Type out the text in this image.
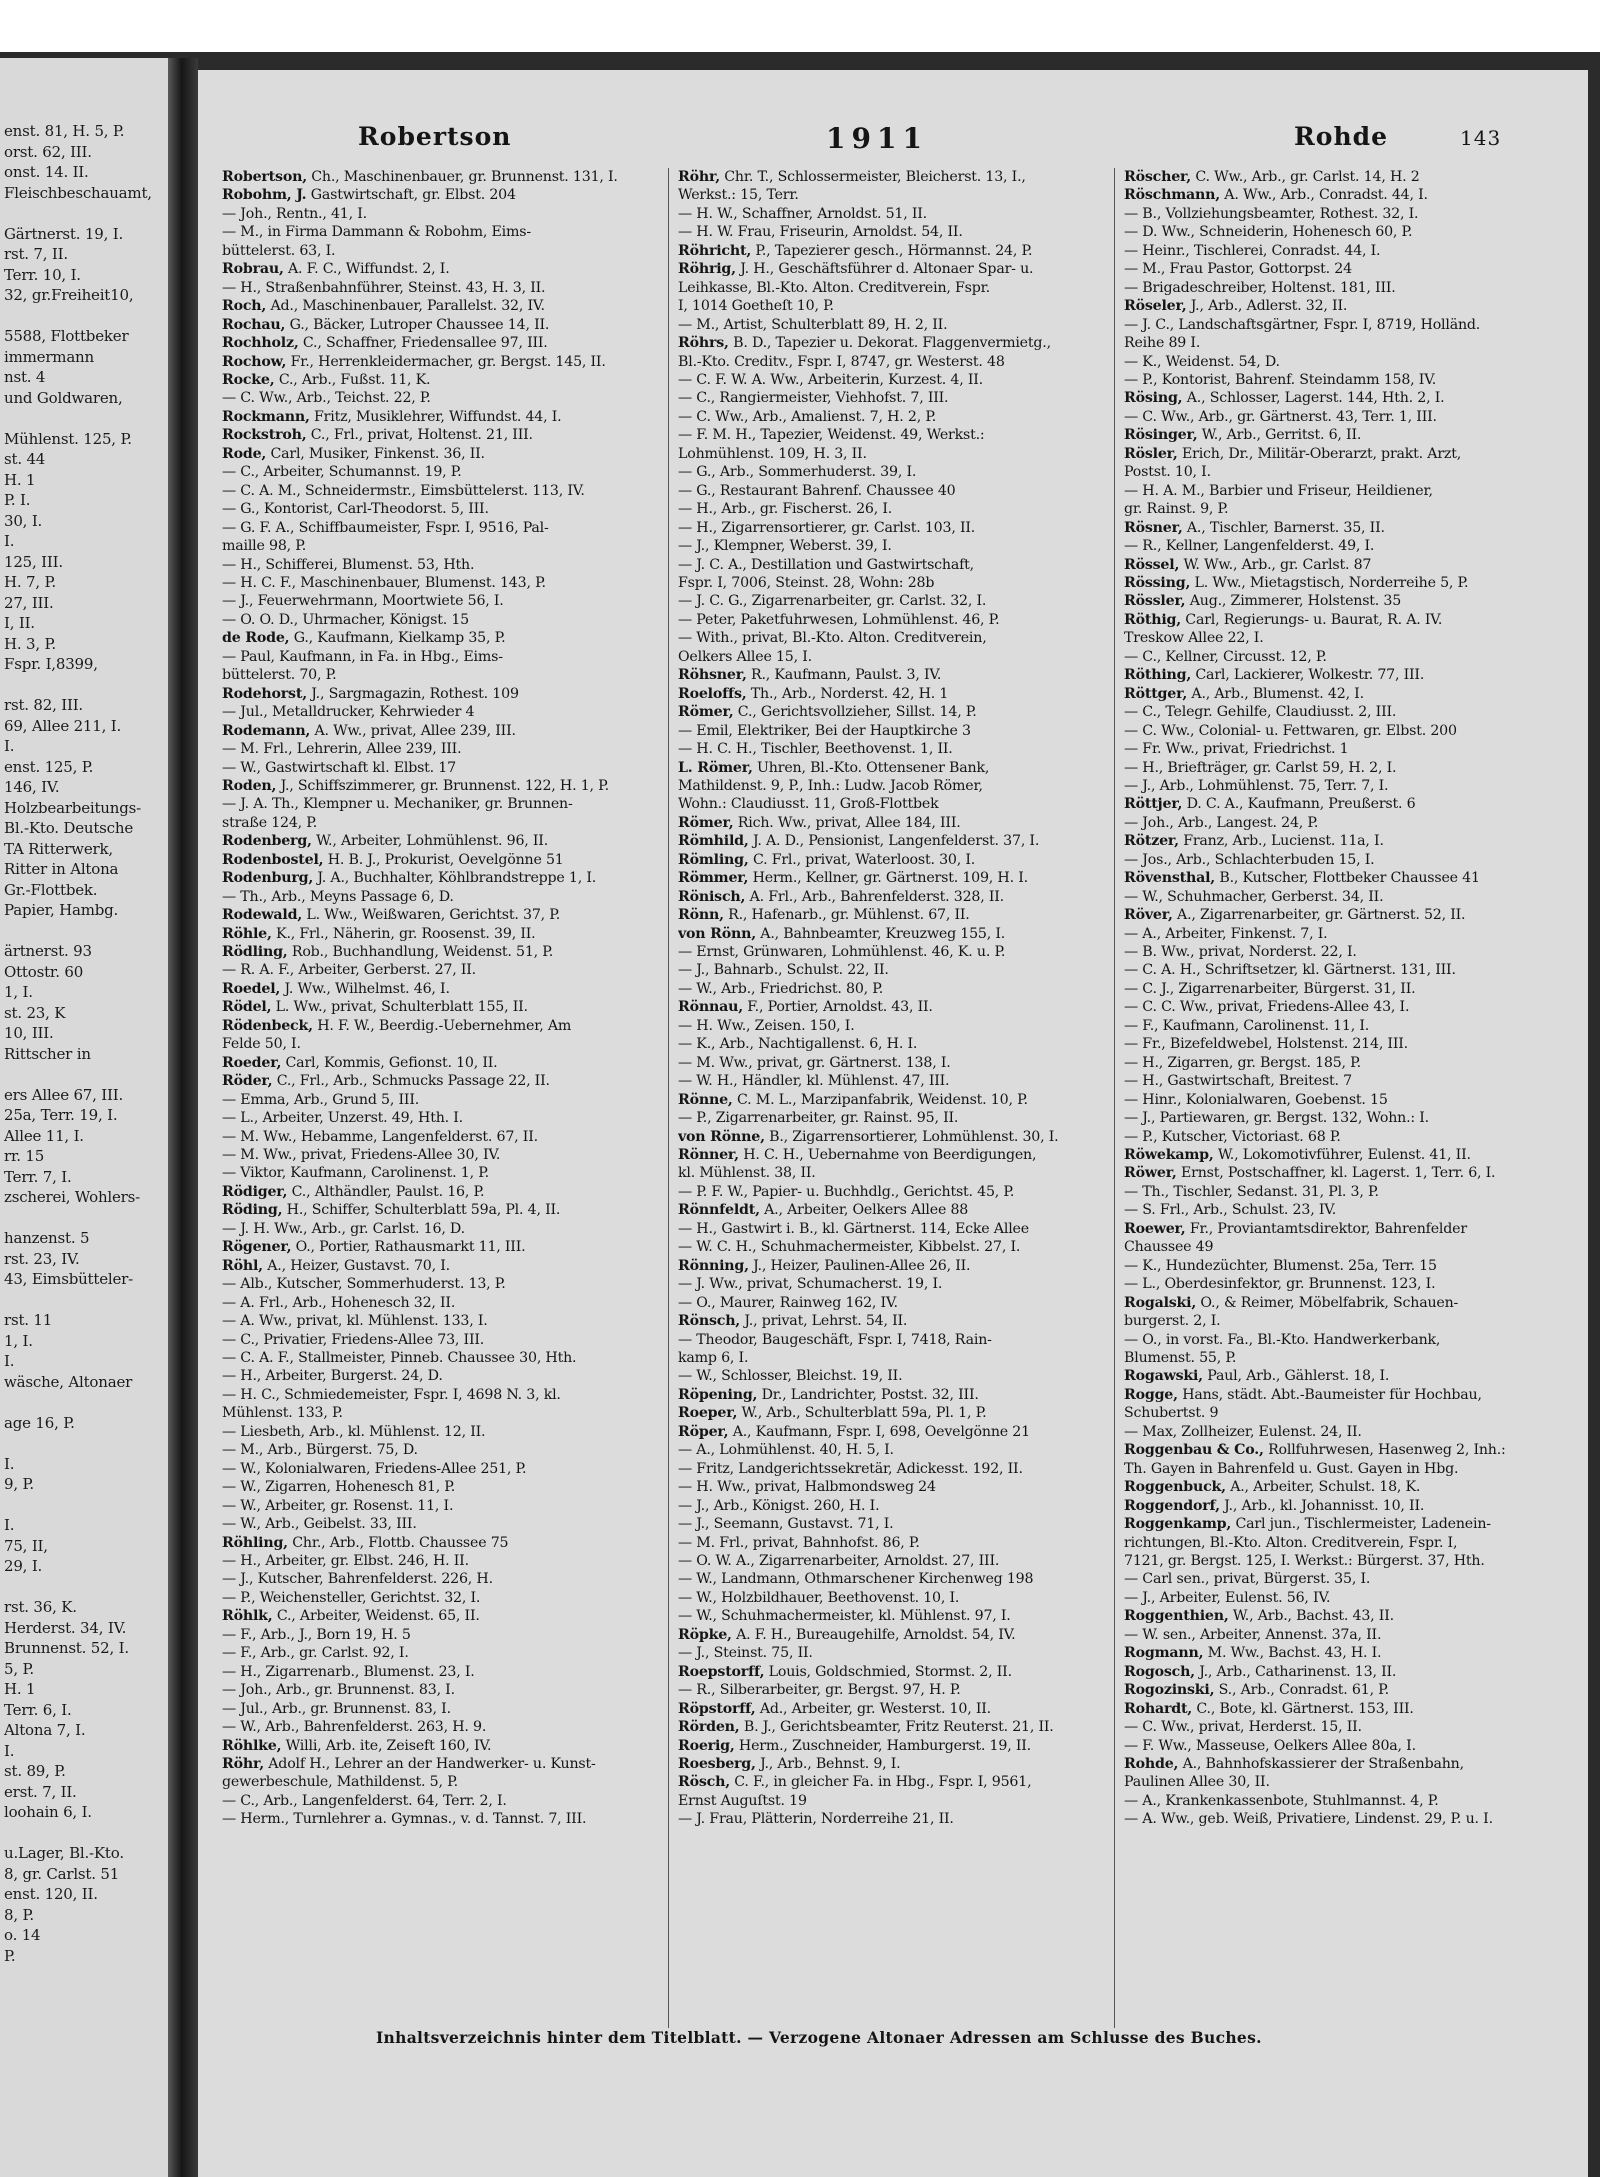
enst. 81, H. 5, P.
orst. 62, III.
onst. 14. II.
Fleischbeschauamt,
Gärtnerst. 19, I.
rst. 7, II.
Terr. 10, I.
32, gr.Freiheit10,
5588, Flottbeker
immermann
nst. 4
und Goldwaren,
Mühlenst. 125, P.
st. 44
H. 1
P. I.
30, I.
I.
125, III.
H. 7, P.
27, III.
I, II.
H. 3, P.
Fspr. I,8399,
rst. 82, III.
69, Allee 211, I.
I.
enst. 125, P.
146, IV.
Holzbearbeitungs-
Bl.-Kto. Deutsche
TA Ritterwerk,
Ritter in Altona
Gr.-Flottbek.
Papier, Hambg.
ärtnerst. 93
Ottostr. 60
1, I.
st. 23, K
10, III.
Rittscher in
ers Allee 67, III.
25a, Terr. 19, I.
Allee 11, I.
rr. 15
Terr. 7, I.
zscherei, Wohlers-
hanzenst. 5
rst. 23, IV.
43, Eimsbütteler-
rst. 11
1, I.
I.
wäsche, Altonaer
age 16, P.
I.
9, P.
I.
75, II,
29, I.
rst. 36, K.
Herderst. 34, IV.
Brunnenst. 52, I.
5, P.
H. 1
Terr. 6, I.
Altona 7, I.
I.
st. 89, P.
erst. 7, II.
loohain 6, I.
u.Lager, Bl.-Kto.
8, gr. Carlst. 51
enst. 120, II.
8, P.
o. 14
P.
Robertson	1911	Rohde	143
Robertson, Ch., Maschinenbauer, gr. Brunnenst. 131, I.
Robohm, J. Gastwirtschaft, gr. Elbst. 204
— Joh., Rentn., 41, I.
— M., in Firma Dammann & Robohm, Eims-
büttelerst. 63, I.
Robrau, A. F. C., Wiffundst. 2, I.
— H., Straßenbahnführer, Steinst. 43, H. 3, II.
Roch, Ad., Maschinenbauer, Parallelst. 32, IV.
Rochau, G., Bäcker, Lutroper Chaussee 14, II.
Rochholz, C., Schaffner, Friedensallee 97, III.
Rochow, Fr., Herrenkleidermacher, gr. Bergst. 145, II.
Rocke, C., Arb., Fußst. 11, K.
— C. Ww., Arb., Teichst. 22, P.
Rockmann, Fritz, Musiklehrer, Wiffundst. 44, I.
Rockstroh, C., Frl., privat, Holtenst. 21, III.
Rode, Carl, Musiker, Finkenst. 36, II.
— C., Arbeiter, Schumannst. 19, P.
— C. A. M., Schneidermstr., Eimsbüttelerst. 113, IV.
— G., Kontorist, Carl-Theodorst. 5, III.
— G. F. A., Schiffbaumeister, Fspr. I, 9516, Pal-
maille 98, P.
— H., Schifferei, Blumenst. 53, Hth.
— H. C. F., Maschinenbauer, Blumenst. 143, P.
— J., Feuerwehrmann, Moortwiete 56, I.
— O. O. D., Uhrmacher, Königst. 15
de Rode, G., Kaufmann, Kielkamp 35, P.
— Paul, Kaufmann, in Fa. in Hbg., Eims-
büttelerst. 70, P.
Rodehorst, J., Sargmagazin, Rothest. 109
— Jul., Metalldrucker, Kehrwieder 4
Rodemann, A. Ww., privat, Allee 239, III.
— M. Frl., Lehrerin, Allee 239, III.
— W., Gastwirtschaft kl. Elbst. 17
Roden, J., Schiffszimmerer, gr. Brunnenst. 122, H. 1, P.
— J. A. Th., Klempner u. Mechaniker, gr. Brunnen-
straße 124, P.
Rodenberg, W., Arbeiter, Lohmühlenst. 96, II.
Rodenbostel, H. B. J., Prokurist, Oevelgönne 51
Rodenburg, J. A., Buchhalter, Köhlbrandstreppe 1, I.
— Th., Arb., Meyns Passage 6, D.
Rodewald, L. Ww., Weißwaren, Gerichtst. 37, P.
Röhle, K., Frl., Näherin, gr. Roosenst. 39, II.
Rödling, Rob., Buchhandlung, Weidenst. 51, P.
— R. A. F., Arbeiter, Gerberst. 27, II.
Roedel, J. Ww., Wilhelmst. 46, I.
Rödel, L. Ww., privat, Schulterblatt 155, II.
Rödenbeck, H. F. W., Beerdig.-Uebernehmer, Am
Felde 50, I.
Roeder, Carl, Kommis, Gefionst. 10, II.
Röder, C., Frl., Arb., Schmucks Passage 22, II.
— Emma, Arb., Grund 5, III.
— L., Arbeiter, Unzerst. 49, Hth. I.
— M. Ww., Hebamme, Langenfelderst. 67, II.
— M. Ww., privat, Friedens-Allee 30, IV.
— Viktor, Kaufmann, Carolinenst. 1, P.
Rödiger, C., Althändler, Paulst. 16, P.
Röding, H., Schiffer, Schulterblatt 59a, Pl. 4, II.
— J. H. Ww., Arb., gr. Carlst. 16, D.
Rögener, O., Portier, Rathausmarkt 11, III.
Röhl, A., Heizer, Gustavst. 70, I.
— Alb., Kutscher, Sommerhuderst. 13, P.
— A. Frl., Arb., Hohenesch 32, II.
— A. Ww., privat, kl. Mühlenst. 133, I.
— C., Privatier, Friedens-Allee 73, III.
— C. A. F., Stallmeister, Pinneb. Chaussee 30, Hth.
— H., Arbeiter, Burgerst. 24, D.
— H. C., Schmiedemeister, Fspr. I, 4698 N. 3, kl.
Mühlenst. 133, P.
— Liesbeth, Arb., kl. Mühlenst. 12, II.
— M., Arb., Bürgerst. 75, D.
— W., Kolonialwaren, Friedens-Allee 251, P.
— W., Zigarren, Hohenesch 81, P.
— W., Arbeiter, gr. Rosenst. 11, I.
— W., Arb., Geibelst. 33, III.
Röhling, Chr., Arb., Flottb. Chaussee 75
— H., Arbeiter, gr. Elbst. 246, H. II.
— J., Kutscher, Bahrenfelderst. 226, H.
— P., Weichensteller, Gerichtst. 32, I.
Röhlk, C., Arbeiter, Weidenst. 65, II.
— F., Arb., J., Born 19, H. 5
— F., Arb., gr. Carlst. 92, I.
— H., Zigarrenarb., Blumenst. 23, I.
— Joh., Arb., gr. Brunnenst. 83, I.
— Jul., Arb., gr. Brunnenst. 83, I.
— W., Arb., Bahrenfelderst. 263, H. 9.
Röhlke, Willi, Arb. ite, Zeiseft 160, IV.
Röhr, Adolf H., Lehrer an der Handwerker- u. Kunst-
gewerbeschule, Mathildenst. 5, P.
— C., Arb., Langenfelderst. 64, Terr. 2, I.
— Herm., Turnlehrer a. Gymnas., v. d. Tannst. 7, III.
Röhr, Chr. T., Schlossermeister, Bleicherst. 13, I.,
Werkst.: 15, Terr.
— H. W., Schaffner, Arnoldst. 51, II.
— H. W. Frau, Friseurin, Arnoldst. 54, II.
Röhricht, P., Tapezierer gesch., Hörmannst. 24, P.
Röhrig, J. H., Geschäftsführer d. Altonaer Spar- u.
Leihkasse, Bl.-Kto. Alton. Creditverein, Fspr.
I, 1014 Goetheſt 10, P.
— M., Artist, Schulterblatt 89, H. 2, II.
Röhrs, B. D., Tapezier u. Dekorat. Flaggenvermietg.,
Bl.-Kto. Creditv., Fspr. I, 8747, gr. Westerst. 48
— C. F. W. A. Ww., Arbeiterin, Kurzest. 4, II.
— C., Rangiermeister, Viehhofst. 7, III.
— C. Ww., Arb., Amalienst. 7, H. 2, P.
— F. M. H., Tapezier, Weidenst. 49, Werkst.:
Lohmühlenst. 109, H. 3, II.
— G., Arb., Sommerhuderst. 39, I.
— G., Restaurant Bahrenf. Chaussee 40
— H., Arb., gr. Fischerst. 26, I.
— H., Zigarrensortierer, gr. Carlst. 103, II.
— J., Klempner, Weberst. 39, I.
— J. C. A., Destillation und Gastwirtschaft,
Fspr. I, 7006, Steinst. 28, Wohn: 28b
— J. C. G., Zigarrenarbeiter, gr. Carlst. 32, I.
— Peter, Paketfuhrwesen, Lohmühlenst. 46, P.
— With., privat, Bl.-Kto. Alton. Creditverein,
Oelkers Allee 15, I.
Röhsner, R., Kaufmann, Paulst. 3, IV.
Roeloffs, Th., Arb., Norderst. 42, H. 1
Römer, C., Gerichtsvollzieher, Sillst. 14, P.
— Emil, Elektriker, Bei der Hauptkirche 3
— H. C. H., Tischler, Beethovenst. 1, II.
L. Römer, Uhren, Bl.-Kto. Ottensener Bank,
Mathildenst. 9, P., Inh.: Ludw. Jacob Römer,
Wohn.: Claudiusst. 11, Groß-Flottbek
Römer, Rich. Ww., privat, Allee 184, III.
Römhild, J. A. D., Pensionist, Langenfelderst. 37, I.
Römling, C. Frl., privat, Waterloost. 30, I.
Römmer, Herm., Kellner, gr. Gärtnerst. 109, H. I.
Rönisch, A. Frl., Arb., Bahrenfelderst. 328, II.
Rönn, R., Hafenarb., gr. Mühlenst. 67, II.
von Rönn, A., Bahnbeamter, Kreuzweg 155, I.
— Ernst, Grünwaren, Lohmühlenst. 46, K. u. P.
— J., Bahnarb., Schulst. 22, II.
— W., Arb., Friedrichst. 80, P.
Rönnau, F., Portier, Arnoldst. 43, II.
— H. Ww., Zeisen. 150, I.
— K., Arb., Nachtigallenst. 6, H. I.
— M. Ww., privat, gr. Gärtnerst. 138, I.
— W. H., Händler, kl. Mühlenst. 47, III.
Rönne, C. M. L., Marzipanfabrik, Weidenst. 10, P.
— P., Zigarrenarbeiter, gr. Rainst. 95, II.
von Rönne, B., Zigarrensortierer, Lohmühlenst. 30, I.
Rönner, H. C. H., Uebernahme von Beerdigungen,
kl. Mühlenst. 38, II.
— P. F. W., Papier- u. Buchhdlg., Gerichtst. 45, P.
Rönnfeldt, A., Arbeiter, Oelkers Allee 88
— H., Gastwirt i. B., kl. Gärtnerst. 114, Ecke Allee
— W. C. H., Schuhmachermeister, Kibbelst. 27, I.
Rönning, J., Heizer, Paulinen-Allee 26, II.
— J. Ww., privat, Schumacherst. 19, I.
— O., Maurer, Rainweg 162, IV.
Rönsch, J., privat, Lehrst. 54, II.
— Theodor, Baugeschäft, Fspr. I, 7418, Rain-
kamp 6, I.
— W., Schlosser, Bleichst. 19, II.
Röpening, Dr., Landrichter, Postst. 32, III.
Roeper, W., Arb., Schulterblatt 59a, Pl. 1, P.
Röper, A., Kaufmann, Fspr. I, 698, Oevelgönne 21
— A., Lohmühlenst. 40, H. 5, I.
— Fritz, Landgerichtssekretär, Adickesst. 192, II.
— H. Ww., privat, Halbmondsweg 24
— J., Arb., Königst. 260, H. I.
— J., Seemann, Gustavst. 71, I.
— M. Frl., privat, Bahnhofst. 86, P.
— O. W. A., Zigarrenarbeiter, Arnoldst. 27, III.
— W., Landmann, Othmarschener Kirchenweg 198
— W., Holzbildhauer, Beethovenst. 10, I.
— W., Schuhmachermeister, kl. Mühlenst. 97, I.
Röpke, A. F. H., Bureaugehilfe, Arnoldst. 54, IV.
— J., Steinst. 75, II.
Roepstorff, Louis, Goldschmied, Stormst. 2, II.
— R., Silberarbeiter, gr. Bergst. 97, H. P.
Röpstorff, Ad., Arbeiter, gr. Westerst. 10, II.
Rörden, B. J., Gerichtsbeamter, Fritz Reuterst. 21, II.
Roerig, Herm., Zuschneider, Hamburgerst. 19, II.
Roesberg, J., Arb., Behnst. 9, I.
Rösch, C. F., in gleicher Fa. in Hbg., Fspr. I, 9561,
Ernst Auguſtst. 19
— J. Frau, Plätterin, Norderreihe 21, II.
Röscher, C. Ww., Arb., gr. Carlst. 14, H. 2
Röschmann, A. Ww., Arb., Conradst. 44, I.
— B., Vollziehungsbeamter, Rothest. 32, I.
— D. Ww., Schneiderin, Hohenesch 60, P.
— Heinr., Tischlerei, Conradst. 44, I.
— M., Frau Pastor, Gottorpst. 24
— Brigadeschreiber, Holtenst. 181, III.
Röseler, J., Arb., Adlerst. 32, II.
— J. C., Landschaftsgärtner, Fspr. I, 8719, Holländ.
Reihe 89 I.
— K., Weidenst. 54, D.
— P., Kontorist, Bahrenf. Steindamm 158, IV.
Rösing, A., Schlosser, Lagerst. 144, Hth. 2, I.
— C. Ww., Arb., gr. Gärtnerst. 43, Terr. 1, III.
Rösinger, W., Arb., Gerritst. 6, II.
Rösler, Erich, Dr., Militär-Oberarzt, prakt. Arzt,
Postst. 10, I.
— H. A. M., Barbier und Friseur, Heildiener,
gr. Rainst. 9, P.
Rösner, A., Tischler, Barnerst. 35, II.
— R., Kellner, Langenfelderst. 49, I.
Rössel, W. Ww., Arb., gr. Carlst. 87
Rössing, L. Ww., Mietagstisch, Norderreihe 5, P.
Rössler, Aug., Zimmerer, Holstenst. 35
Röthig, Carl, Regierungs- u. Baurat, R. A. IV.
Treskow Allee 22, I.
— C., Kellner, Circusst. 12, P.
Röthing, Carl, Lackierer, Wolkestr. 77, III.
Röttger, A., Arb., Blumenst. 42, I.
— C., Telegr. Gehilfe, Claudiusst. 2, III.
— C. Ww., Colonial- u. Fettwaren, gr. Elbst. 200
— Fr. Ww., privat, Friedrichst. 1
— H., Briefträger, gr. Carlst 59, H. 2, I.
— J., Arb., Lohmühlenst. 75, Terr. 7, I.
Röttjer, D. C. A., Kaufmann, Preußerst. 6
— Joh., Arb., Langest. 24, P.
Rötzer, Franz, Arb., Lucienst. 11a, I.
— Jos., Arb., Schlachterbuden 15, I.
Rövensthal, B., Kutscher, Flottbeker Chaussee 41
— W., Schuhmacher, Gerberst. 34, II.
Röver, A., Zigarrenarbeiter, gr. Gärtnerst. 52, II.
— A., Arbeiter, Finkenst. 7, I.
— B. Ww., privat, Norderst. 22, I.
— C. A. H., Schriftsetzer, kl. Gärtnerst. 131, III.
— C. J., Zigarrenarbeiter, Bürgerst. 31, II.
— C. C. Ww., privat, Friedens-Allee 43, I.
— F., Kaufmann, Carolinenst. 11, I.
— Fr., Bizefeldwebel, Holstenst. 214, III.
— H., Zigarren, gr. Bergst. 185, P.
— H., Gastwirtschaft, Breitest. 7
— Hinr., Kolonialwaren, Goebenst. 15
— J., Partiewaren, gr. Bergst. 132, Wohn.: I.
— P., Kutscher, Victoriast. 68 P.
Röwekamp, W., Lokomotivführer, Eulenst. 41, II.
Röwer, Ernst, Postschaffner, kl. Lagerst. 1, Terr. 6, I.
— Th., Tischler, Sedanst. 31, Pl. 3, P.
— S. Frl., Arb., Schulst. 23, IV.
Roewer, Fr., Proviantamtsdirektor, Bahrenfelder
Chaussee 49
— K., Hundezüchter, Blumenst. 25a, Terr. 15
— L., Oberdesinfektor, gr. Brunnenst. 123, I.
Rogalski, O., & Reimer, Möbelfabrik, Schauen-
burgerst. 2, I.
— O., in vorst. Fa., Bl.-Kto. Handwerkerbank,
Blumenst. 55, P.
Rogawski, Paul, Arb., Gählerst. 18, I.
Rogge, Hans, städt. Abt.-Baumeister für Hochbau,
Schubertst. 9
— Max, Zollheizer, Eulenst. 24, II.
Roggenbau & Co., Rollfuhrwesen, Hasenweg 2, Inh.:
Th. Gayen in Bahrenfeld u. Gust. Gayen in Hbg.
Roggenbuck, A., Arbeiter, Schulst. 18, K.
Roggendorf, J., Arb., kl. Johannisst. 10, II.
Roggenkamp, Carl jun., Tischlermeister, Ladenein-
richtungen, Bl.-Kto. Alton. Creditverein, Fspr. I,
7121, gr. Bergst. 125, I. Werkst.: Bürgerst. 37, Hth.
— Carl sen., privat, Bürgerst. 35, I.
— J., Arbeiter, Eulenst. 56, IV.
Roggenthien, W., Arb., Bachst. 43, II.
— W. sen., Arbeiter, Annenst. 37a, II.
Rogmann, M. Ww., Bachst. 43, H. I.
Rogosch, J., Arb., Catharinenst. 13, II.
Rogozinski, S., Arb., Conradst. 61, P.
Rohardt, C., Bote, kl. Gärtnerst. 153, III.
— C. Ww., privat, Herderst. 15, II.
— F. Ww., Masseuse, Oelkers Allee 80a, I.
Rohde, A., Bahnhofskassierer der Straßenbahn,
Paulinen Allee 30, II.
— A., Krankenkassenbote, Stuhlmannst. 4, P.
— A. Ww., geb. Weiß, Privatiere, Lindenst. 29, P. u. I.
Inhaltsverzeichnis hinter dem Titelblatt. — Verzogene Altonaer Adressen am Schlusse des Buches.
